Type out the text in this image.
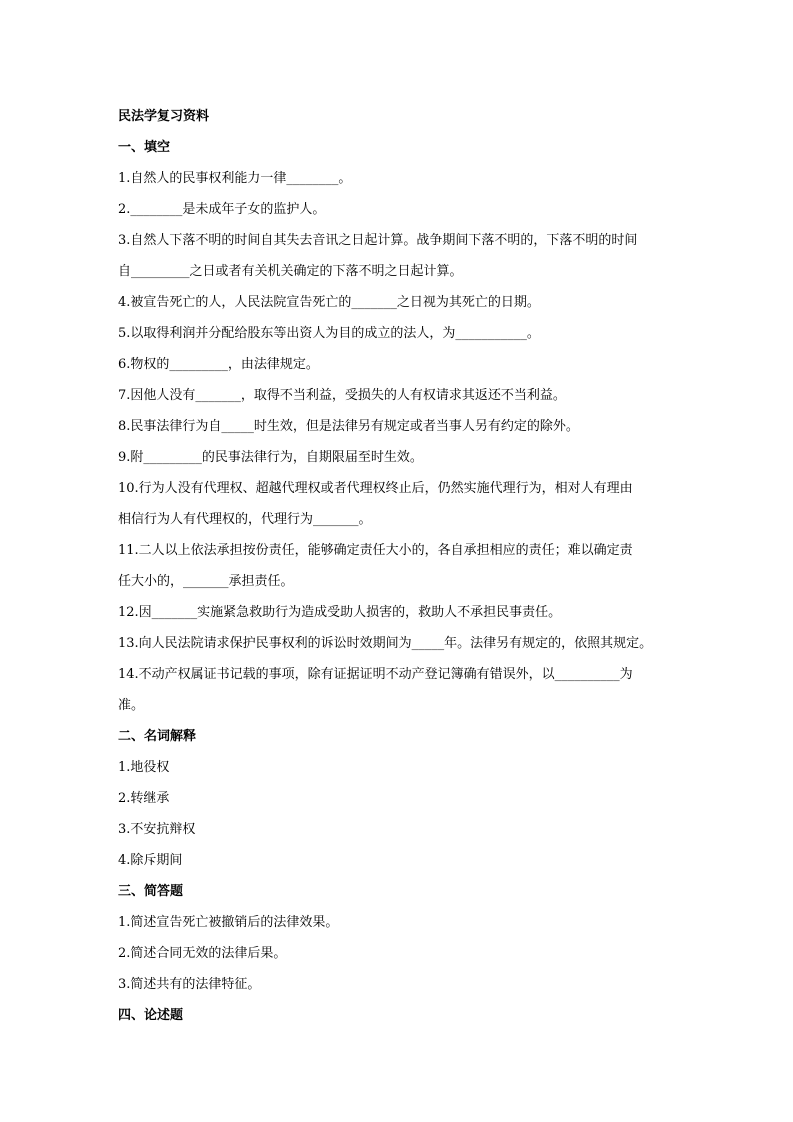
民法学复习资料
一、填空
1.自然人的民事权利能力一律________。
2.________是未成年子女的监护人。
3.自然人下落不明的时间自其失去音讯之日起计算。战争期间下落不明的，下落不明的时间
自_________之日或者有关机关确定的下落不明之日起计算。
4.被宣告死亡的人，人民法院宣告死亡的_______之日视为其死亡的日期。
5.以取得利润并分配给股东等出资人为目的成立的法人，为___________。
6.物权的_________，由法律规定。
7.因他人没有_______，取得不当利益，受损失的人有权请求其返还不当利益。
8.民事法律行为自_____时生效，但是法律另有规定或者当事人另有约定的除外。
9.附_________的民事法律行为，自期限届至时生效。
10.行为人没有代理权、超越代理权或者代理权终止后，仍然实施代理行为，相对人有理由
相信行为人有代理权的，代理行为_______。
11.二人以上依法承担按份责任，能够确定责任大小的，各自承担相应的责任；难以确定责
任大小的，_______承担责任。
12.因_______实施紧急救助行为造成受助人损害的，救助人不承担民事责任。
13.向人民法院请求保护民事权利的诉讼时效期间为_____年。法律另有规定的，依照其规定。
14.不动产权属证书记载的事项，除有证据证明不动产登记簿确有错误外，以__________为
准。
二、名词解释
1.地役权
2.转继承
3.不安抗辩权
4.除斥期间
三、简答题
1.简述宣告死亡被撤销后的法律效果。
2.简述合同无效的法律后果。
3.简述共有的法律特征。
四、论述题
